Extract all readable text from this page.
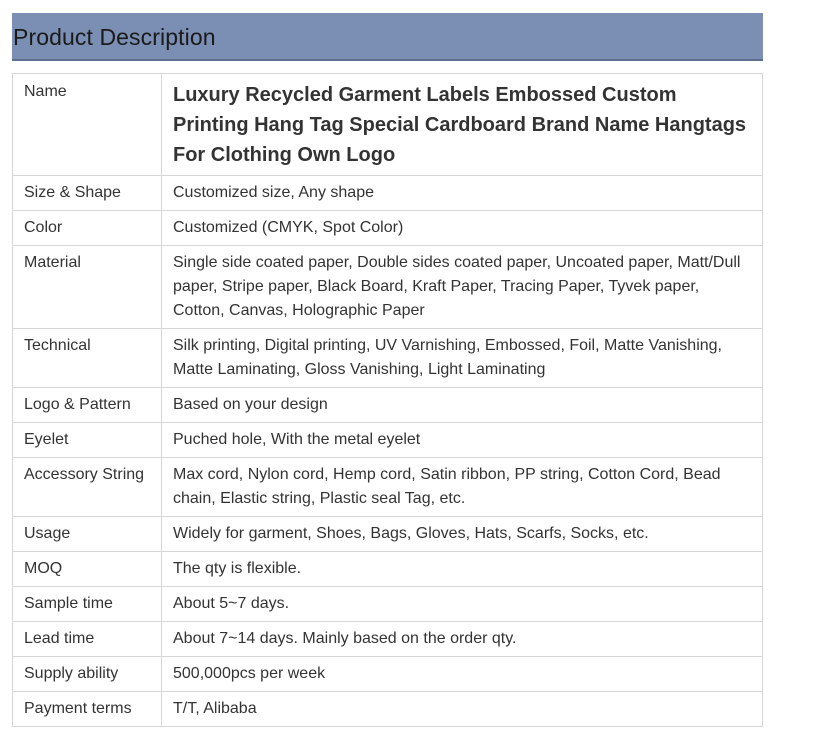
Product Description
Name	Luxury Recycled Garment Labels Embossed Custom Printing Hang Tag Special Cardboard Brand Name Hangtags For Clothing Own Logo
Size & Shape	Customized size, Any shape
Color	Customized (CMYK, Spot Color)
Material	Single side coated paper, Double sides coated paper, Uncoated paper, Matt/Dull paper, Stripe paper, Black Board, Kraft Paper, Tracing Paper, Tyvek paper, Cotton, Canvas, Holographic Paper
Technical	Silk printing, Digital printing, UV Varnishing, Embossed, Foil, Matte Vanishing, Matte Laminating, Gloss Vanishing, Light Laminating
Logo & Pattern	Based on your design
Eyelet	Puched hole, With the metal eyelet
Accessory String	Max cord, Nylon cord, Hemp cord, Satin ribbon, PP string, Cotton Cord, Bead chain, Elastic string, Plastic seal Tag, etc.
Usage	Widely for garment, Shoes, Bags, Gloves, Hats, Scarfs, Socks, etc.
MOQ	The qty is flexible.
Sample time	About 5~7 days.
Lead time	About 7~14 days. Mainly based on the order qty.
Supply ability	500,000pcs per week
Payment terms	T/T, Alibaba
